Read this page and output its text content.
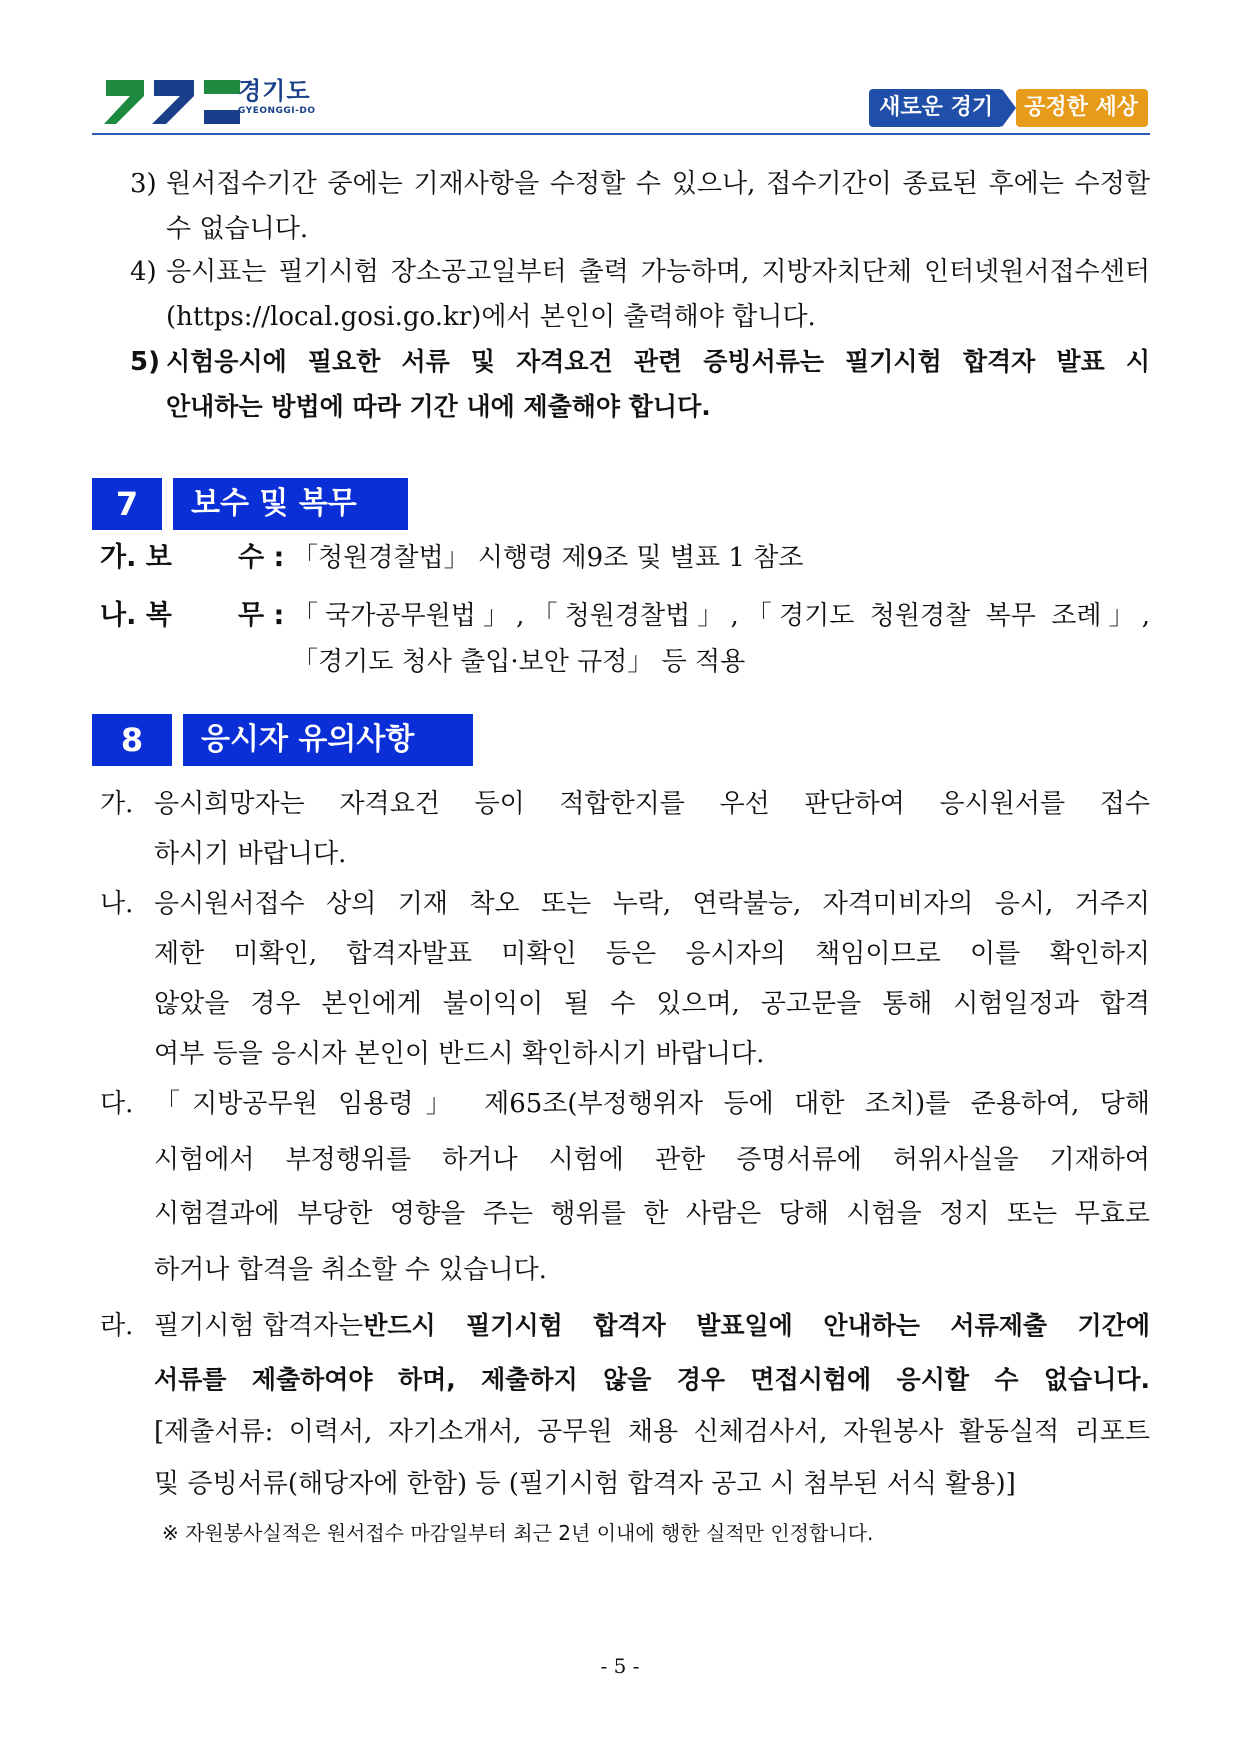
경기도
GYEONGGI-DO	새로운 경기	공정한 세상
3) 원서접수기간 중에는 기재사항을 수정할 수 있으나, 접수기간이 종료된 후에는 수정할
수 없습니다.
4) 응시표는 필기시험 장소공고일부터 출력 가능하며, 지방자치단체 인터넷원서접수센터
(https://local.gosi.go.kr)에서 본인이 출력해야 합니다.
5) 시험응시에 필요한 서류 및 자격요건 관련 증빙서류는 필기시험 합격자 발표 시
안내하는 방법에 따라 기간 내에 제출해야 합니다.
7	보수 및 복무
가. 보 수 : 「청원경찰법」 시행령 제9조 및 별표 1 참조
나. 복 무 : 「국가공무원법」,「청원경찰법」,「경기도 청원경찰 복무 조례」,
「경기도 청사 출입·보안 규정」 등 적용
8	응시자 유의사항
가. 응시희망자는 자격요건 등이 적합한지를 우선 판단하여 응시원서를 접수
하시기 바랍니다.
나. 응시원서접수 상의 기재 착오 또는 누락, 연락불능, 자격미비자의 응시, 거주지
제한 미확인, 합격자발표 미확인 등은 응시자의 책임이므로 이를 확인하지
않았을 경우 본인에게 불이익이 될 수 있으며, 공고문을 통해 시험일정과 합격
여부 등을 응시자 본인이 반드시 확인하시기 바랍니다.
다. 「지방공무원 임용령」 제65조(부정행위자 등에 대한 조치)를 준용하여, 당해
시험에서 부정행위를 하거나 시험에 관한 증명서류에 허위사실을 기재하여
시험결과에 부당한 영향을 주는 행위를 한 사람은 당해 시험을 정지 또는 무효로
하거나 합격을 취소할 수 있습니다.
라. 필기시험 합격자는 반드시 필기시험 합격자 발표일에 안내하는 서류제출 기간에
서류를 제출하여야 하며, 제출하지 않을 경우 면접시험에 응시할 수 없습니다.
[제출서류: 이력서, 자기소개서, 공무원 채용 신체검사서, 자원봉사 활동실적 리포트
및 증빙서류(해당자에 한함) 등 (필기시험 합격자 공고 시 첨부된 서식 활용)]
※ 자원봉사실적은 원서접수 마감일부터 최근 2년 이내에 행한 실적만 인정합니다.
- 5 -
